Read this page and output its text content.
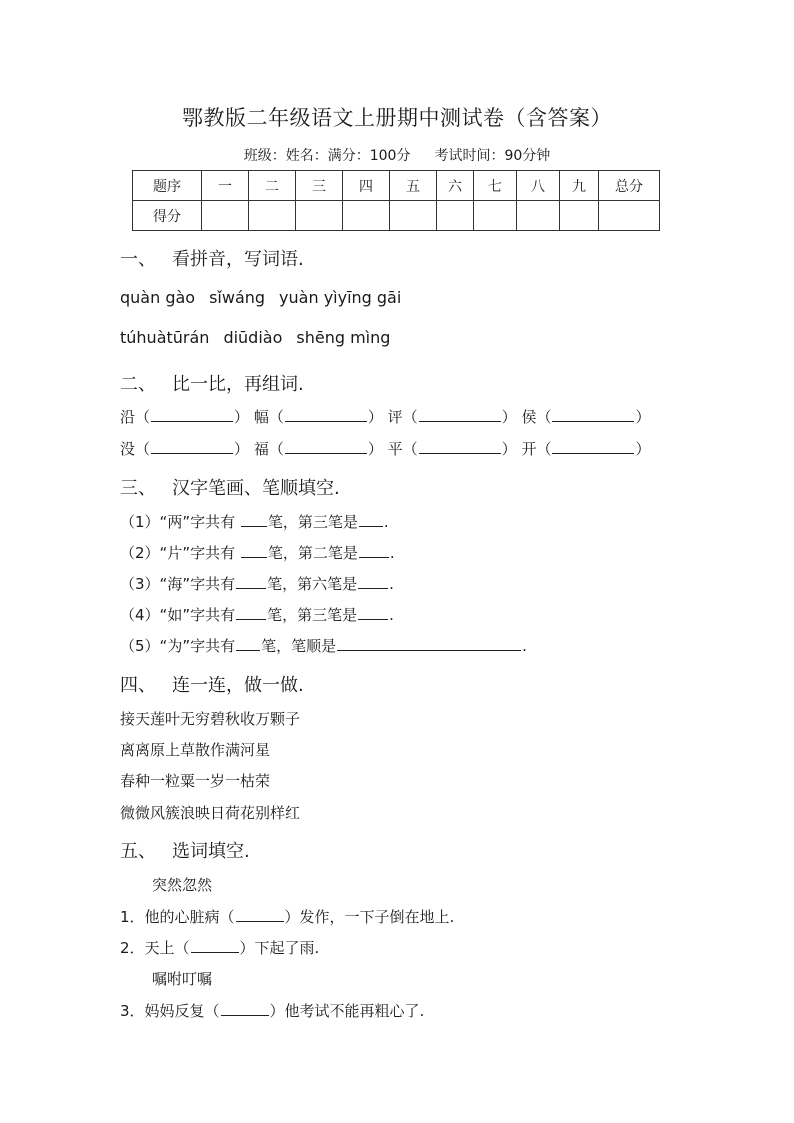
鄂教版二年级语文上册期中测试卷（含答案）
班级：姓名：满分：100分 考试时间：90分钟
题序	一	二	三	四	五	六	七	八	九	总分
得分										
一、 看拼音，写词语.
quàn gào sǐwáng yuàn yìyīng gāi
túhuàtūrán diūdiào shēng mìng
二、 比一比，再组词.
沿（	） 幅（	） 评（	） 侯（	）
没（	） 福（	） 平（	） 开（	）
三、 汉字笔画、笔顺填空.
（1）“两”字共有 笔，第三笔是 .
（2）“片”字共有 笔，第二笔是 .
（3）“海”字共有 笔，第六笔是 .
（4）“如”字共有 笔，第三笔是 .
（5）“为”字共有 笔，笔顺是	.
四、 连一连，做一做.
接天莲叶无穷碧秋收万颗子
离离原上草散作满河星
春种一粒粟一岁一枯荣
微微风簇浪映日荷花别样红
五、 选词填空.
突然忽然
1．他的心脏病（	）发作，一下子倒在地上.
2．天上（	）下起了雨.
嘱咐叮嘱
3．妈妈反复（	）他考试不能再粗心了.
